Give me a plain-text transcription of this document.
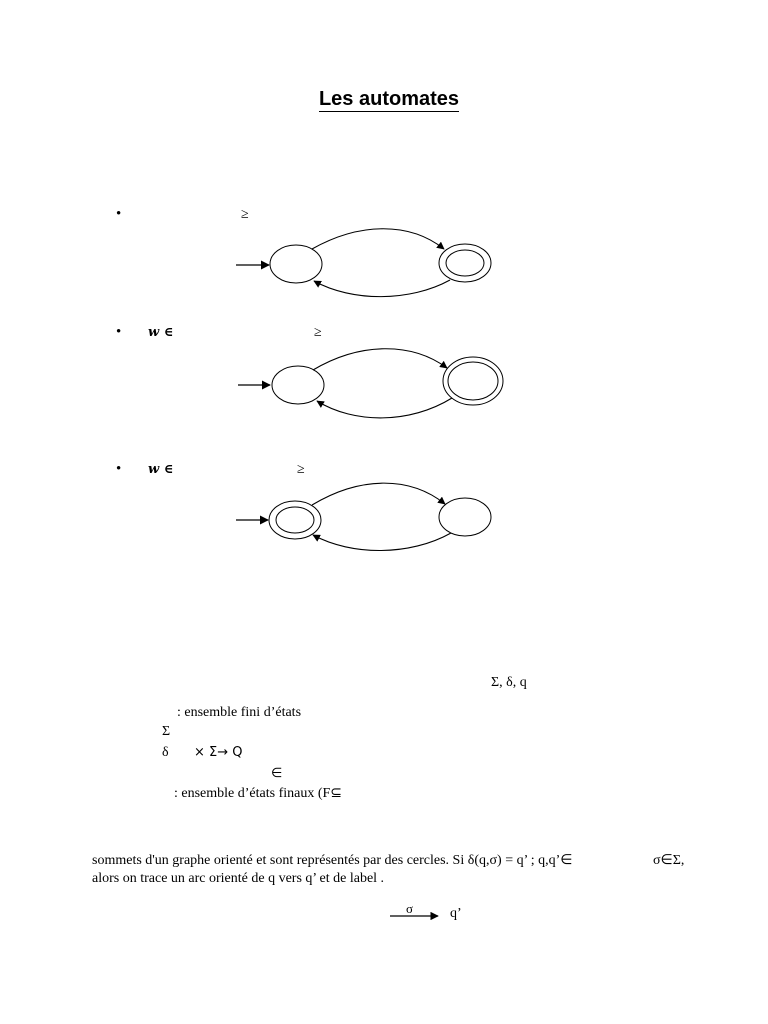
Les automates
•	≥
• w ∈	≥
• w ∈	≥
Σ, δ, q
: ensemble fini d’états
Σ
δ × Σ→ Q
∈
: ensemble d’états finaux (F⊆
sommets d'un graphe orienté et sont représentés par des cercles. Si δ(q,σ) = q’ ; q,q’∈	σ∈Σ,
alors on trace un arc orienté de q vers q’ et de label .
σ	q’
